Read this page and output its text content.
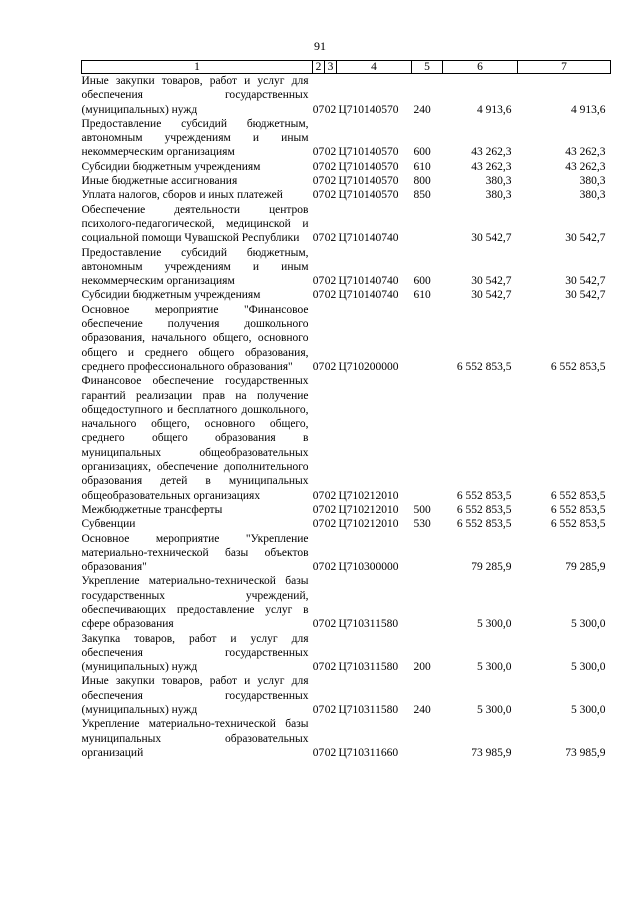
91
1	2	3	4	5	6	7
Иные закупки товаров, работ и услуг для обеспечения государственных (муниципальных) нужд	07	02	Ц710140570	240	4 913,6	4 913,6
Предоставление субсидий бюджетным, автономным учреждениям и иным некоммерческим организациям	07	02	Ц710140570	600	43 262,3	43 262,3
Субсидии бюджетным учреждениям	07	02	Ц710140570	610	43 262,3	43 262,3
Иные бюджетные ассигнования	07	02	Ц710140570	800	380,3	380,3
Уплата налогов, сборов и иных платежей	07	02	Ц710140570	850	380,3	380,3
Обеспечение деятельности центров психолого-педагогической, медицинской и социальной помощи Чувашской Республики	07	02	Ц710140740		30 542,7	30 542,7
Предоставление субсидий бюджетным, автономным учреждениям и иным некоммерческим организациям	07	02	Ц710140740	600	30 542,7	30 542,7
Субсидии бюджетным учреждениям	07	02	Ц710140740	610	30 542,7	30 542,7
Основное мероприятие "Финансовое обеспечение получения дошкольного образования, начального общего, основного общего и среднего общего образования, среднего профессионального образования"	07	02	Ц710200000		6 552 853,5	6 552 853,5
Финансовое обеспечение государственных гарантий реализации прав на получение общедоступного и бесплатного дошкольного, начального общего, основного общего, среднего общего образования в муниципальных общеобразовательных организациях, обеспечение дополнительного образования детей в муниципальных общеобразовательных организациях	07	02	Ц710212010		6 552 853,5	6 552 853,5
Межбюджетные трансферты	07	02	Ц710212010	500	6 552 853,5	6 552 853,5
Субвенции	07	02	Ц710212010	530	6 552 853,5	6 552 853,5
Основное мероприятие "Укрепление материально-технической базы объектов образования"	07	02	Ц710300000		79 285,9	79 285,9
Укрепление материально-технической базы государственных учреждений, обеспечивающих предоставление услуг в сфере образования	07	02	Ц710311580		5 300,0	5 300,0
Закупка товаров, работ и услуг для обеспечения государственных (муниципальных) нужд	07	02	Ц710311580	200	5 300,0	5 300,0
Иные закупки товаров, работ и услуг для обеспечения государственных (муниципальных) нужд	07	02	Ц710311580	240	5 300,0	5 300,0
Укрепление материально-технической базы муниципальных образовательных организаций	07	02	Ц710311660		73 985,9	73 985,9
